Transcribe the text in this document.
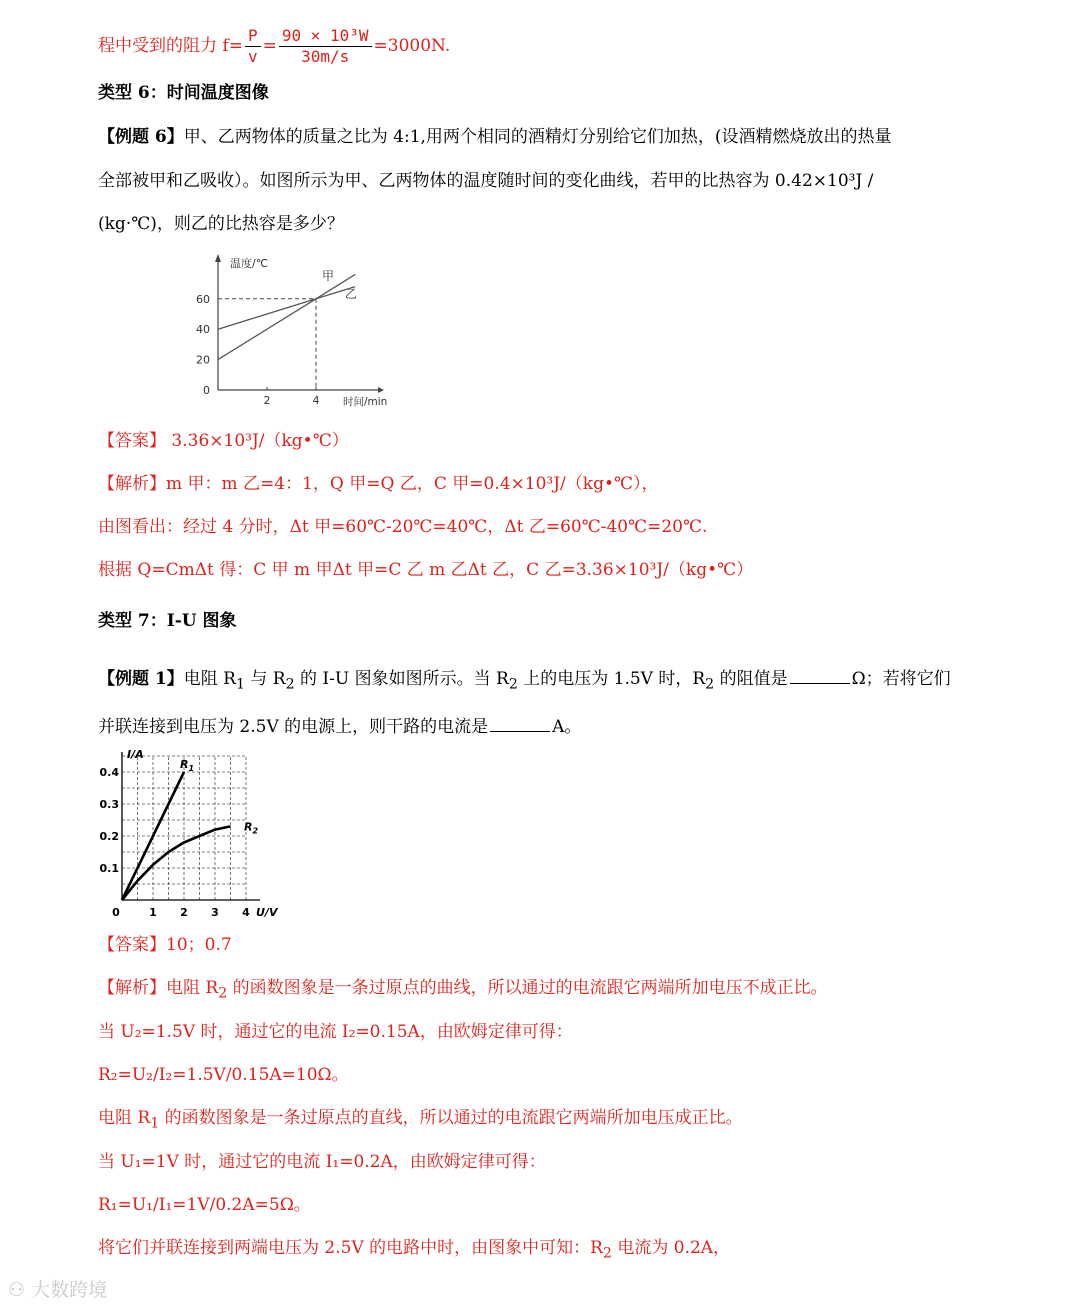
程中受到的阻力 $f= \frac{P}{v} = \frac{\text{90 × 10³W}}{30m/s} =3000N$.
类型 6：时间温度图像
【例题 6】甲、乙两物体的质量之比为 4:1,用两个相同的酒精灯分别给它们加热，(设酒精燃烧放出的热量
全部被甲和乙吸收）。如图所示为甲、乙两物体的温度随时间的变化曲线，若甲的比热容为 0.42×10³J /
(kg·℃)，则乙的比热容是多少？
温度/℃
时间/min
60
40
20
0
2	4
甲
乙
【答案】 3.36×10³J/（kg•℃）
【解析】m 甲：m 乙=4：1，Q 甲=Q 乙，C 甲=0.4×10³J/（kg•℃），
由图看出：经过 4 分时，Δt 甲=60℃-20℃=40℃，Δt 乙=60℃-40℃=20℃.
根据 Q=CmΔt 得：C 甲 m 甲Δt 甲=C 乙 m 乙Δt 乙，C 乙=3.36×10³J/（kg•℃）
类型 7：I-U 图象
【例题 1】电阻 $R_1$ 与 $R_2$ 的 I-U 图象如图所示。当 $R_2$ 上的电压为 1.5V 时，$R_2$ 的阻值是	Ω；若将它们
并联连接到电压为 2.5V 的电源上，则干路的电流是	A。
I/A
U/V
0.4
0.3
0.2
0.1
0	1 2 3 4
$R_1$
$R_2$
【答案】10；0.7
【解析】电阻 $R_2$ 的函数图象是一条过原点的曲线，所以通过的电流跟它两端所加电压不成正比。
当 U₂=1.5V 时，通过它的电流 I₂=0.15A，由欧姆定律可得：
R₂=U₂/I₂=1.5V/0.15A=10Ω。
电阻 $R_1$ 的函数图象是一条过原点的直线，所以通过的电流跟它两端所加电压成正比。
当 U₁=1V 时，通过它的电流 I₁=0.2A，由欧姆定律可得：
R₁=U₁/I₁=1V/0.2A=5Ω。
将它们并联连接到两端电压为 2.5V 的电路中时，由图象中可知：$R_2$ 电流为 0.2A，
⚇ 大数跨境
